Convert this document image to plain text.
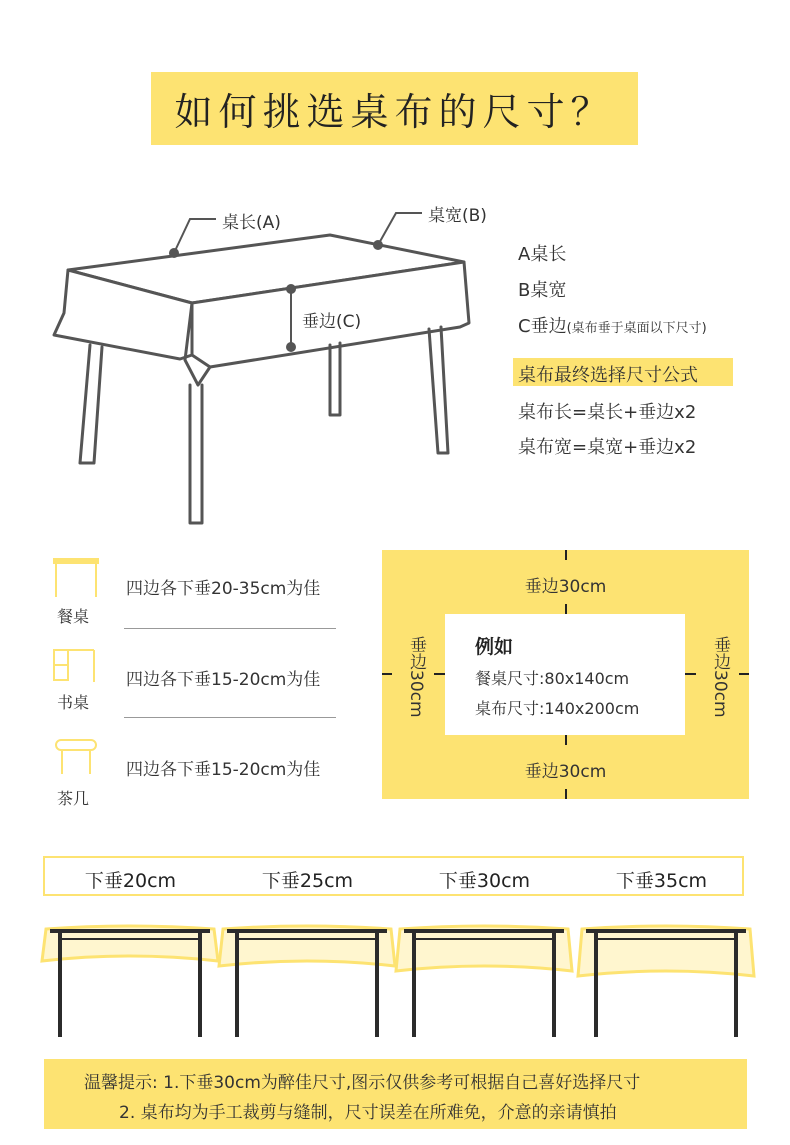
如何挑选桌布的尺寸？
桌长(A)	桌宽(B)
垂边(C)
A桌长
B桌宽
C垂边(桌布垂于桌面以下尺寸)
桌布最终选择尺寸公式
桌布长=桌长+垂边x2
桌布宽=桌宽+垂边x2
餐桌
四边各下垂20-35cm为佳
书桌
四边各下垂15-20cm为佳
茶几
四边各下垂15-20cm为佳
垂边30cm
垂边30cm
垂边30cm	垂边30cm
例如
餐桌尺寸:80x140cm
桌布尺寸:140x200cm
下垂20cm	下垂25cm	下垂30cm	下垂35cm
温馨提示: 1.下垂30cm为醉佳尺寸,图示仅供参考可根据自己喜好选择尺寸
2. 桌布均为手工裁剪与缝制，尺寸误差在所难免，介意的亲请慎拍
